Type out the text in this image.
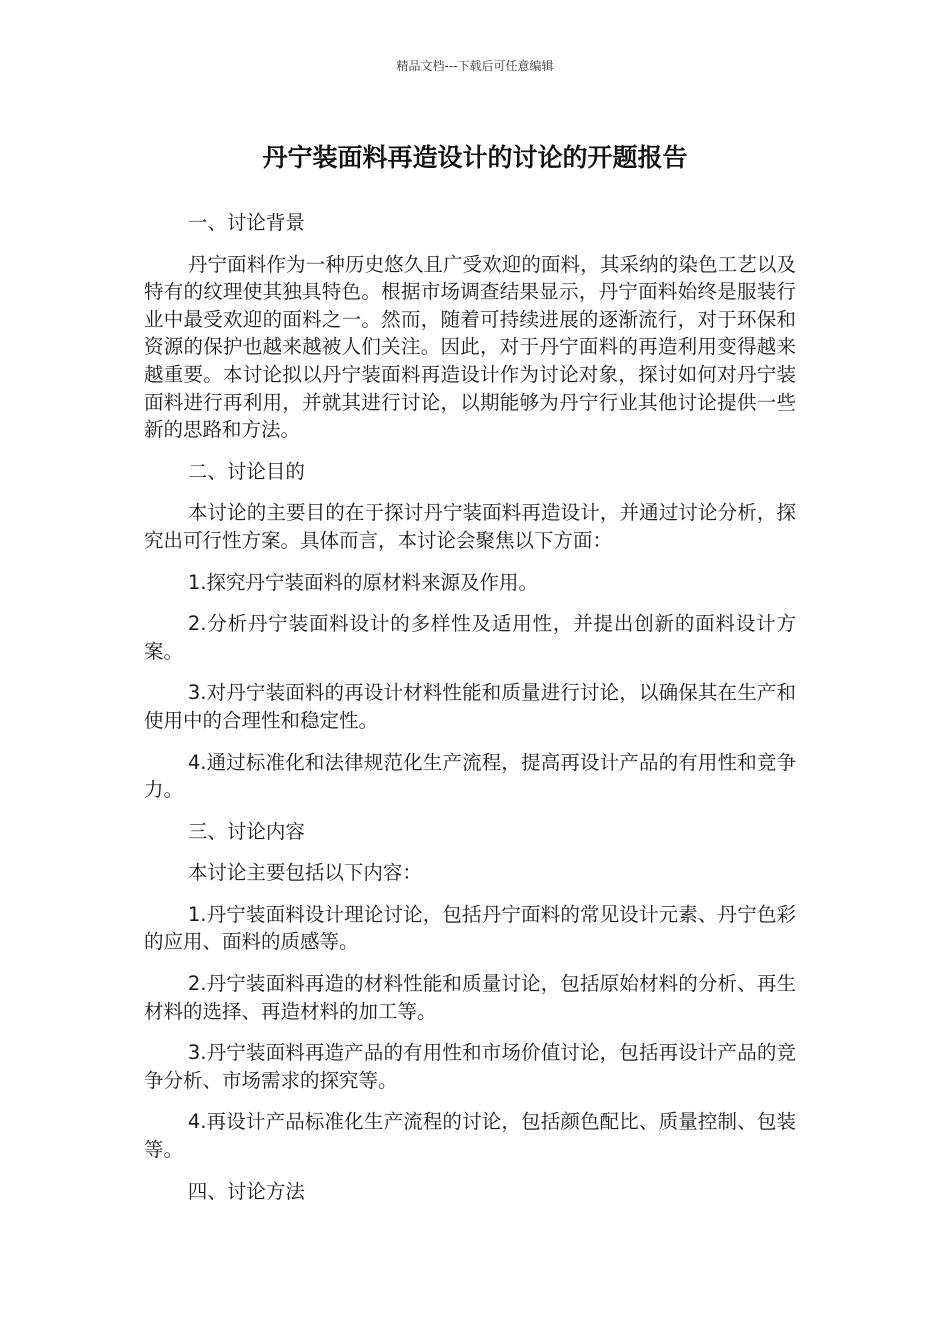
精品文档---下载后可任意编辑
丹宁装面料再造设计的讨论的开题报告

一、讨论背景

丹宁面料作为一种历史悠久且广受欢迎的面料，其采纳的染色工艺以及特有的纹理使其独具特色。根据市场调查结果显示，丹宁面料始终是服装行业中最受欢迎的面料之一。然而，随着可持续进展的逐渐流行，对于环保和资源的保护也越来越被人们关注。因此，对于丹宁面料的再造利用变得越来越重要。本讨论拟以丹宁装面料再造设计作为讨论对象，探讨如何对丹宁装面料进行再利用，并就其进行讨论，以期能够为丹宁行业其他讨论提供一些新的思路和方法。

二、讨论目的

本讨论的主要目的在于探讨丹宁装面料再造设计，并通过讨论分析，探究出可行性方案。具体而言，本讨论会聚焦以下方面：

1.探究丹宁装面料的原材料来源及作用。

2.分析丹宁装面料设计的多样性及适用性，并提出创新的面料设计方案。

3.对丹宁装面料的再设计材料性能和质量进行讨论，以确保其在生产和使用中的合理性和稳定性。

4.通过标准化和法律规范化生产流程，提高再设计产品的有用性和竞争力。

三、讨论内容

本讨论主要包括以下内容：

1.丹宁装面料设计理论讨论，包括丹宁面料的常见设计元素、丹宁色彩的应用、面料的质感等。

2.丹宁装面料再造的材料性能和质量讨论，包括原始材料的分析、再生材料的选择、再造材料的加工等。

3.丹宁装面料再造产品的有用性和市场价值讨论，包括再设计产品的竞争分析、市场需求的探究等。

4.再设计产品标准化生产流程的讨论，包括颜色配比、质量控制、包装等。

四、讨论方法
